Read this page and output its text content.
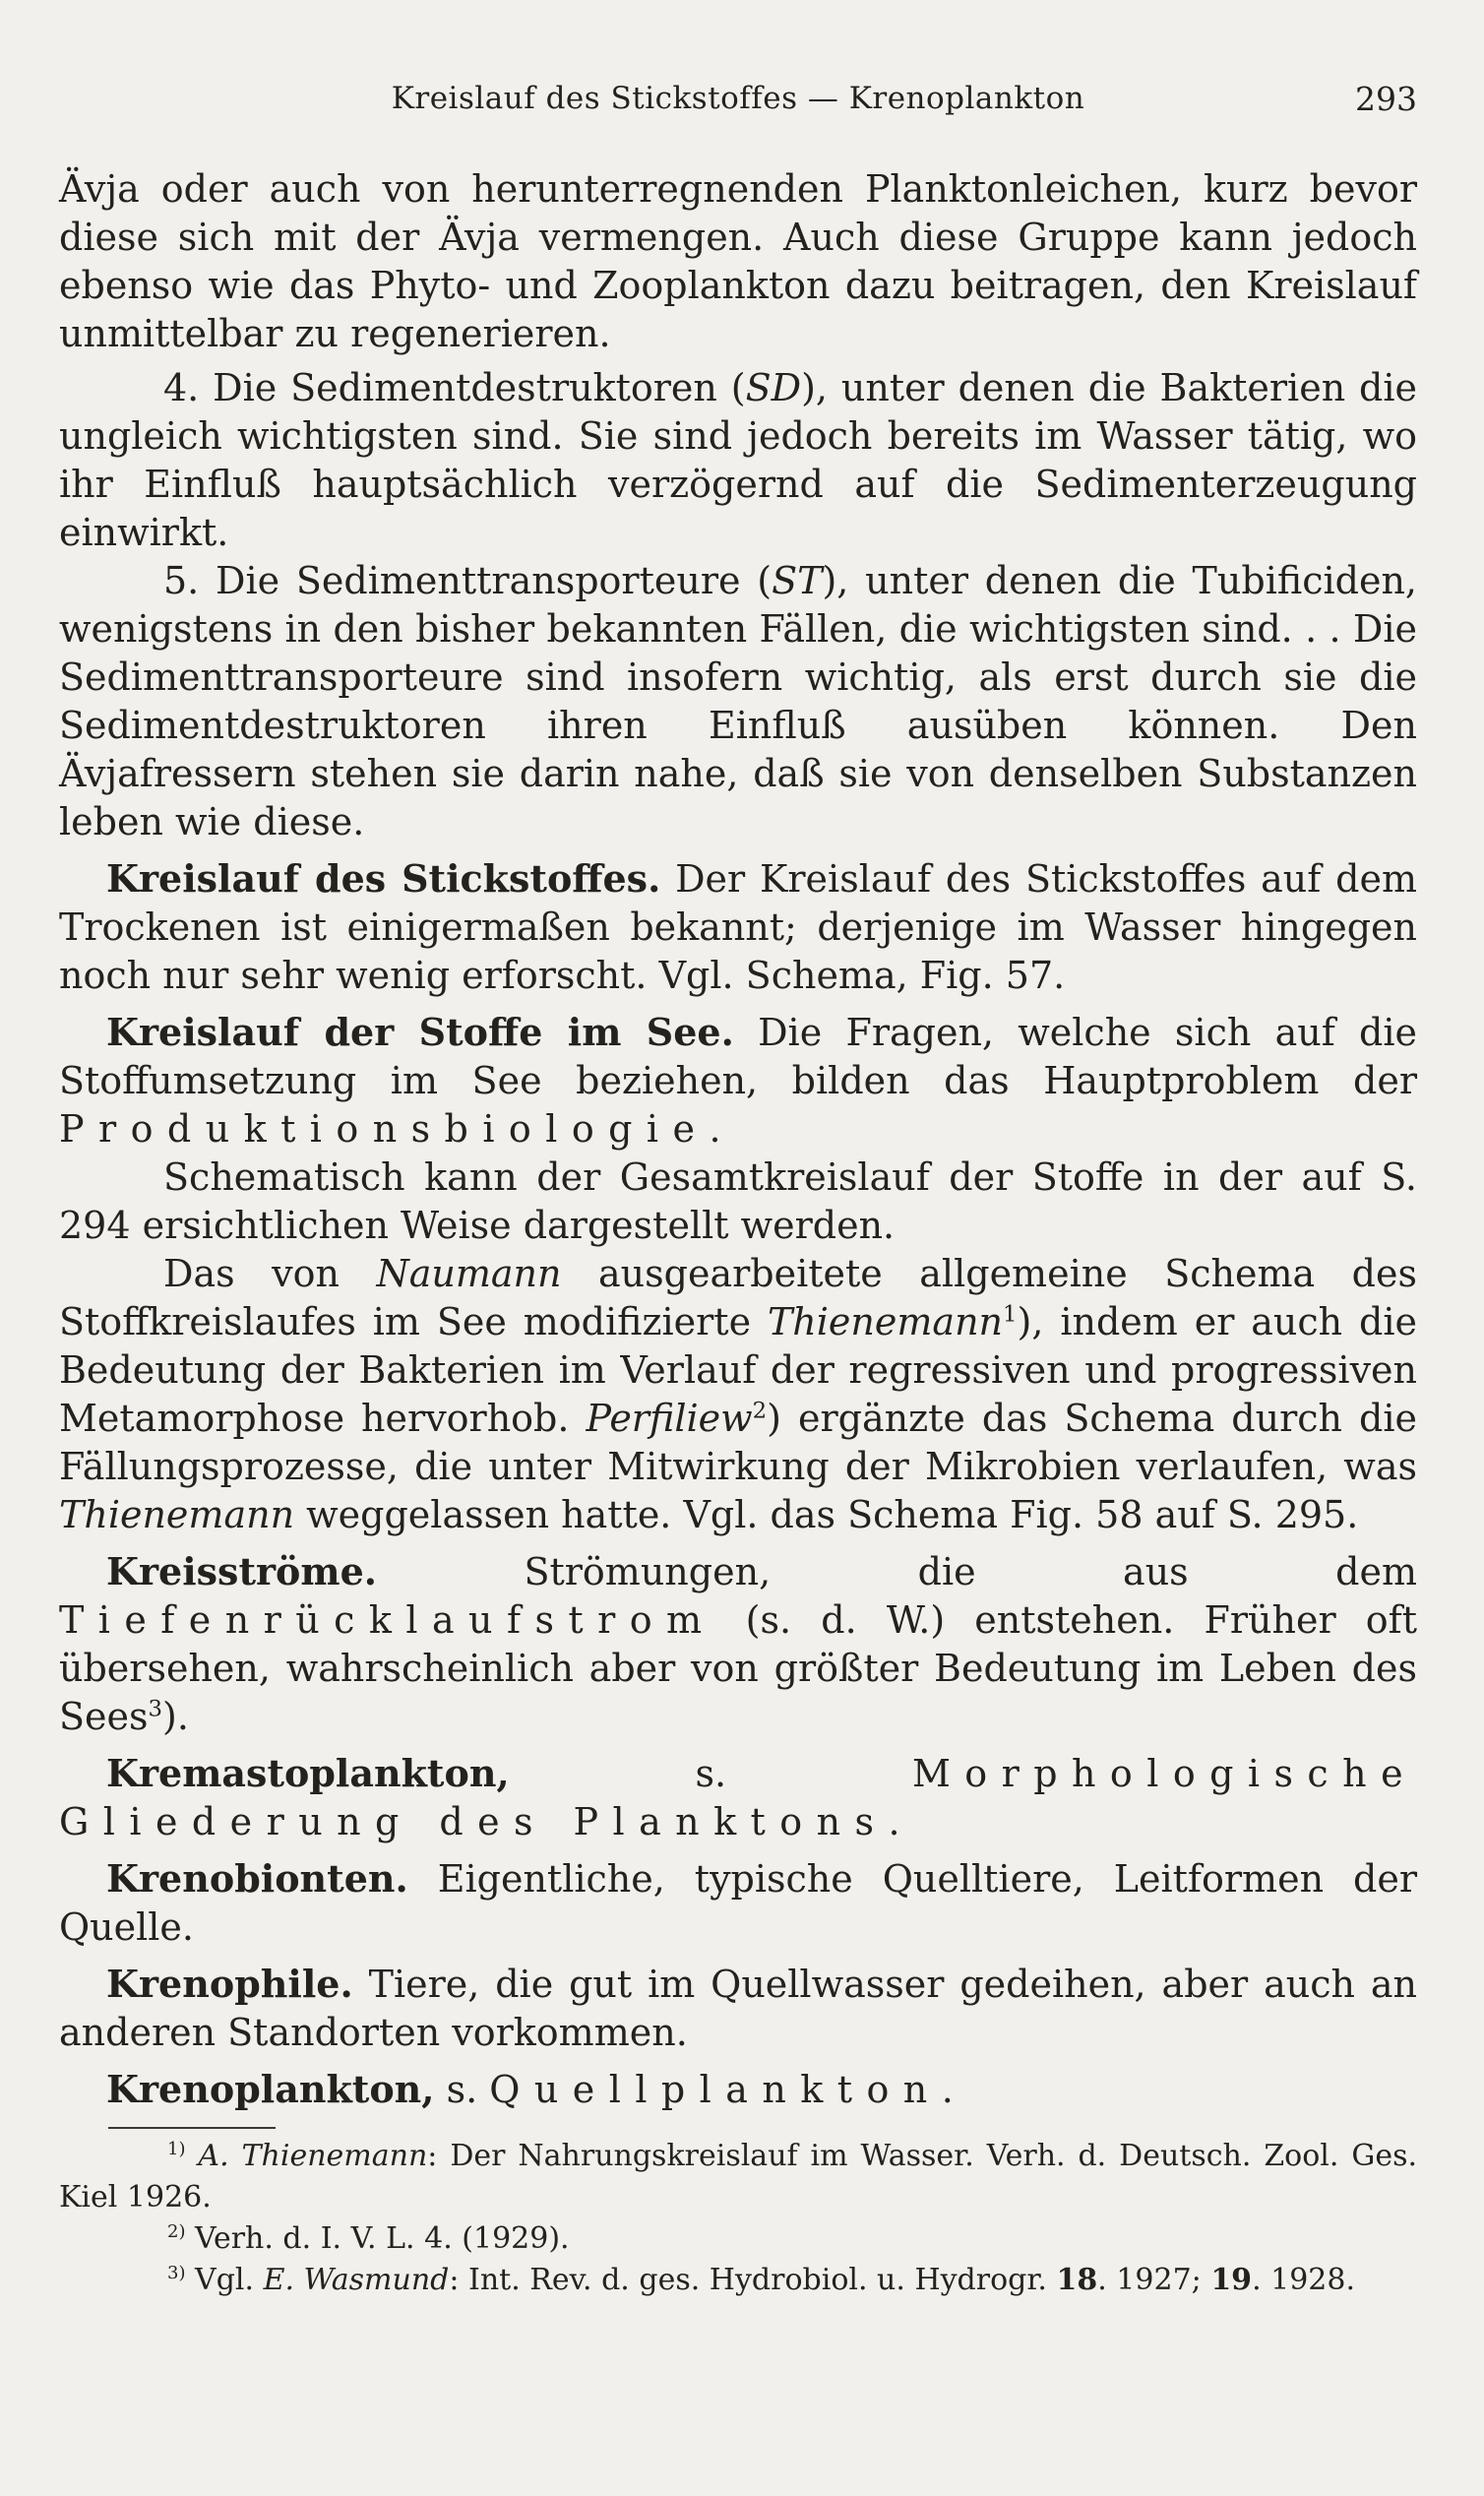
Kreislauf des Stickstoffes — Krenoplankton	293

Ävja oder auch von herunterregnenden Planktonleichen, kurz bevor diese sich mit der Ävja vermengen. Auch diese Gruppe kann jedoch ebenso wie das Phyto- und Zooplankton dazu beitragen, den Kreislauf unmittelbar zu regenerieren.

4. Die Sedimentdestruktoren (SD), unter denen die Bakterien die ungleich wichtigsten sind. Sie sind jedoch bereits im Wasser tätig, wo ihr Einfluß hauptsächlich verzögernd auf die Sedimenterzeugung einwirkt.

5. Die Sedimenttransporteure (ST), unter denen die Tubificiden, wenigstens in den bisher bekannten Fällen, die wichtigsten sind. . . Die Sedimenttransporteure sind insofern wichtig, als erst durch sie die Sedimentdestruktoren ihren Einfluß ausüben können. Den Ävjafressern stehen sie darin nahe, daß sie von denselben Substanzen leben wie diese.

Kreislauf des Stickstoffes. Der Kreislauf des Stickstoffes auf dem Trockenen ist einigermaßen bekannt; derjenige im Wasser hingegen noch nur sehr wenig erforscht. Vgl. Schema, Fig. 57.

Kreislauf der Stoffe im See. Die Fragen, welche sich auf die Stoffumsetzung im See beziehen, bilden das Hauptproblem der Produktionsbiologie.

Schematisch kann der Gesamtkreislauf der Stoffe in der auf S. 294 ersichtlichen Weise dargestellt werden.

Das von Naumann ausgearbeitete allgemeine Schema des Stoffkreislaufes im See modifizierte Thienemann$^1$), indem er auch die Bedeutung der Bakterien im Verlauf der regressiven und progressiven Metamorphose hervorhob. Perfiliew$^2$) ergänzte das Schema durch die Fällungsprozesse, die unter Mitwirkung der Mikrobien verlaufen, was Thienemann weggelassen hatte. Vgl. das Schema Fig. 58 auf S. 295.

Kreisströme. Strömungen, die aus dem Tiefenrücklaufstrom (s. d. W.) entstehen. Früher oft übersehen, wahrscheinlich aber von größter Bedeutung im Leben des Sees$^3$).

Kremastoplankton, s. Morphologische Gliederung des Planktons.

Krenobionten. Eigentliche, typische Quelltiere, Leitformen der Quelle.

Krenophile. Tiere, die gut im Quellwasser gedeihen, aber auch an anderen Standorten vorkommen.

Krenoplankton, s. Quellplankton.

$^{1)}$ A. Thienemann: Der Nahrungskreislauf im Wasser. Verh. d. Deutsch. Zool. Ges. Kiel 1926.

$^{2)}$ Verh. d. I. V. L. 4. (1929).

$^{3)}$ Vgl. E. Wasmund: Int. Rev. d. ges. Hydrobiol. u. Hydrogr. 18. 1927; 19. 1928.
